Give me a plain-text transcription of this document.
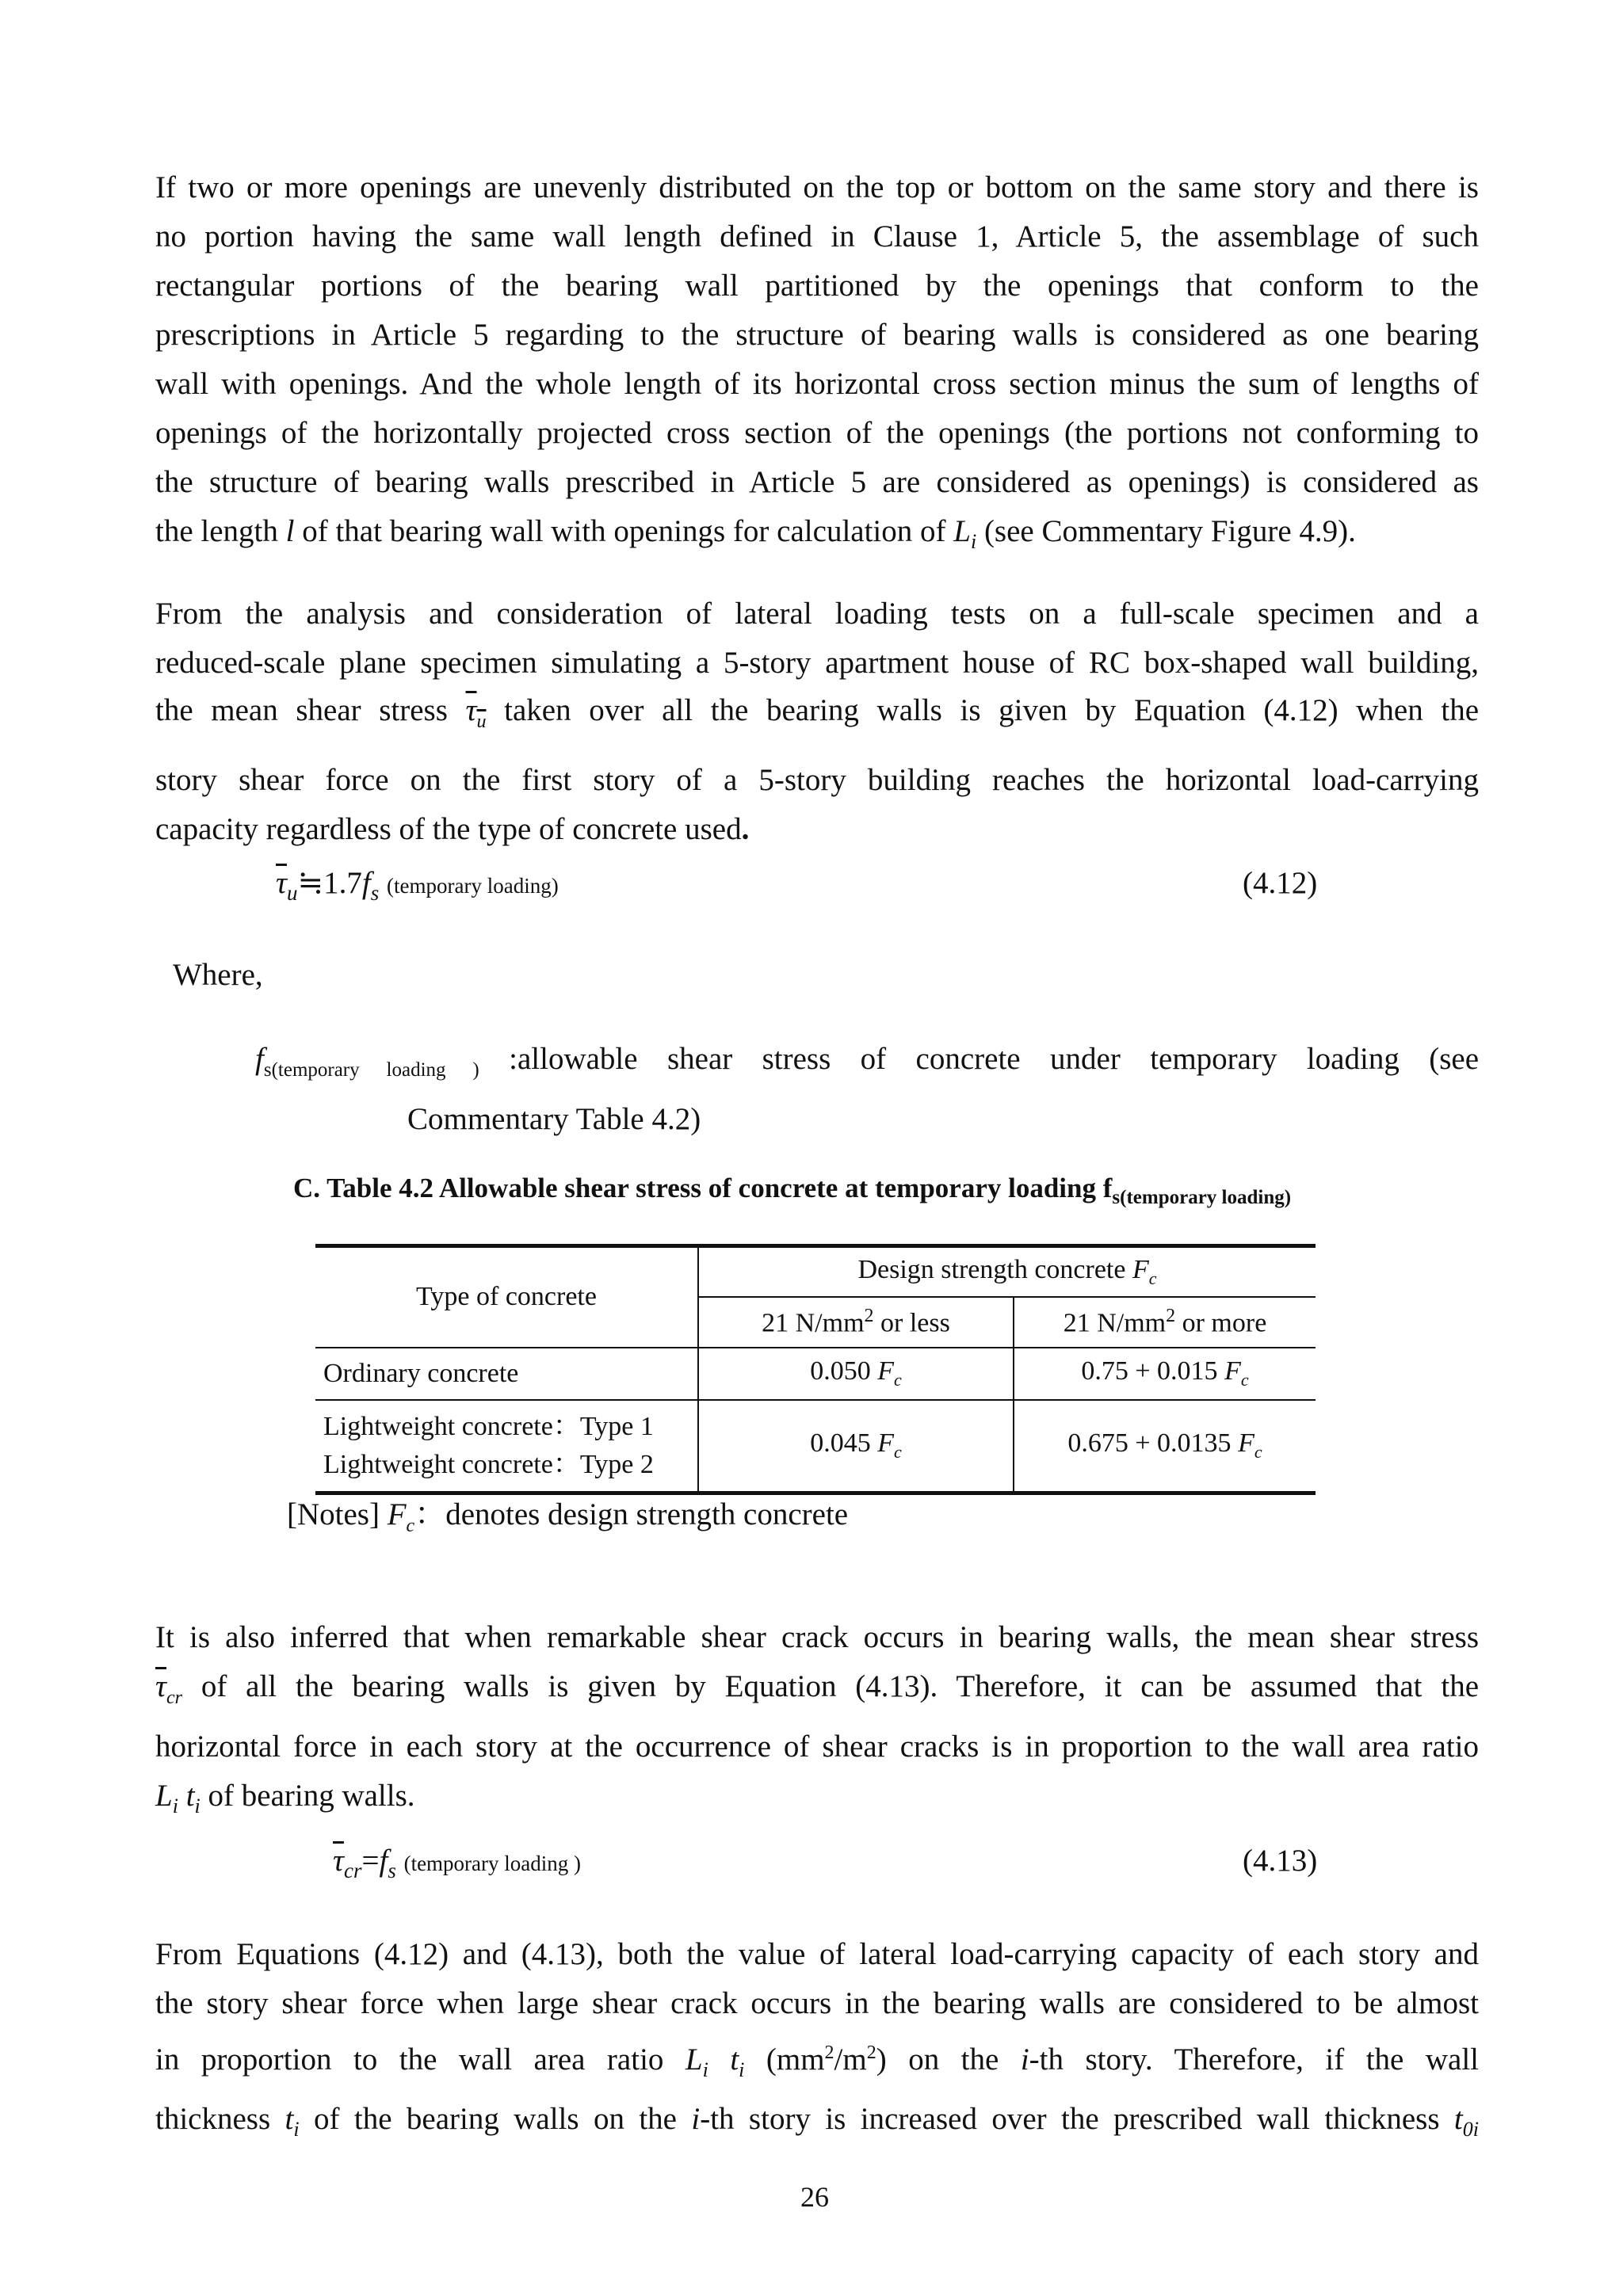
If two or more openings are unevenly distributed on the top or bottom on the same story and there is
no portion having the same wall length defined in Clause 1, Article 5, the assemblage of such
rectangular portions of the bearing wall partitioned by the openings that conform to the
prescriptions in Article 5 regarding to the structure of bearing walls is considered as one bearing
wall with openings. And the whole length of its horizontal cross section minus the sum of lengths of
openings of the horizontally projected cross section of the openings (the portions not conforming to
the structure of bearing walls prescribed in Article 5 are considered as openings) is considered as
the length l of that bearing wall with openings for calculation of $L_i$ (see Commentary Figure 4.9).
From the analysis and consideration of lateral loading tests on a full-scale specimen and a
reduced-scale plane specimen simulating a 5-story apartment house of RC box-shaped wall building,
the mean shear stress $\tau_u$ taken over all the bearing walls is given by Equation (4.12) when the
story shear force on the first story of a 5-story building reaches the horizontal load-carrying
capacity regardless of the type of concrete used.
$\overline{\tau}_u≒1.7f_s$ (temporary loading)	(4.12)
Where,
$f_{s(temporary loading )}$ :allowable shear stress of concrete under temporary loading (see
Commentary Table 4.2)
C. Table 4.2 Allowable shear stress of concrete at temporary loading $f_{s(temporary loading)}$
Type of concrete	Design strength concrete $F_c$
	21 $N/mm^2$ or less	21 $N/mm^2$ or more
Ordinary concrete	0.050 $F_c$	0.75 + 0.015 $F_c$
Lightweight concrete：Type 1
Lightweight concrete：Type 2	0.045 $F_c$	0.675 + 0.0135 $F_c$
[Notes] $F_c$：denotes design strength concrete
It is also inferred that when remarkable shear crack occurs in bearing walls, the mean shear stress
$\overline{\tau}_{cr}$ of all the bearing walls is given by Equation (4.13). Therefore, it can be assumed that the
horizontal force in each story at the occurrence of shear cracks is in proportion to the wall area ratio
$L_i$ $t_i$ of bearing walls.
$\overline{\tau}_{cr}=f_s$ (temporary loading )	(4.13)
From Equations (4.12) and (4.13), both the value of lateral load-carrying capacity of each story and
the story shear force when large shear crack occurs in the bearing walls are considered to be almost
in proportion to the wall area ratio $L_i$ $t_i$ $(mm^2/m^2)$ on the i-th story. Therefore, if the wall
thickness $t_i$ of the bearing walls on the i-th story is increased over the prescribed wall thickness $t_{0i}$
26
